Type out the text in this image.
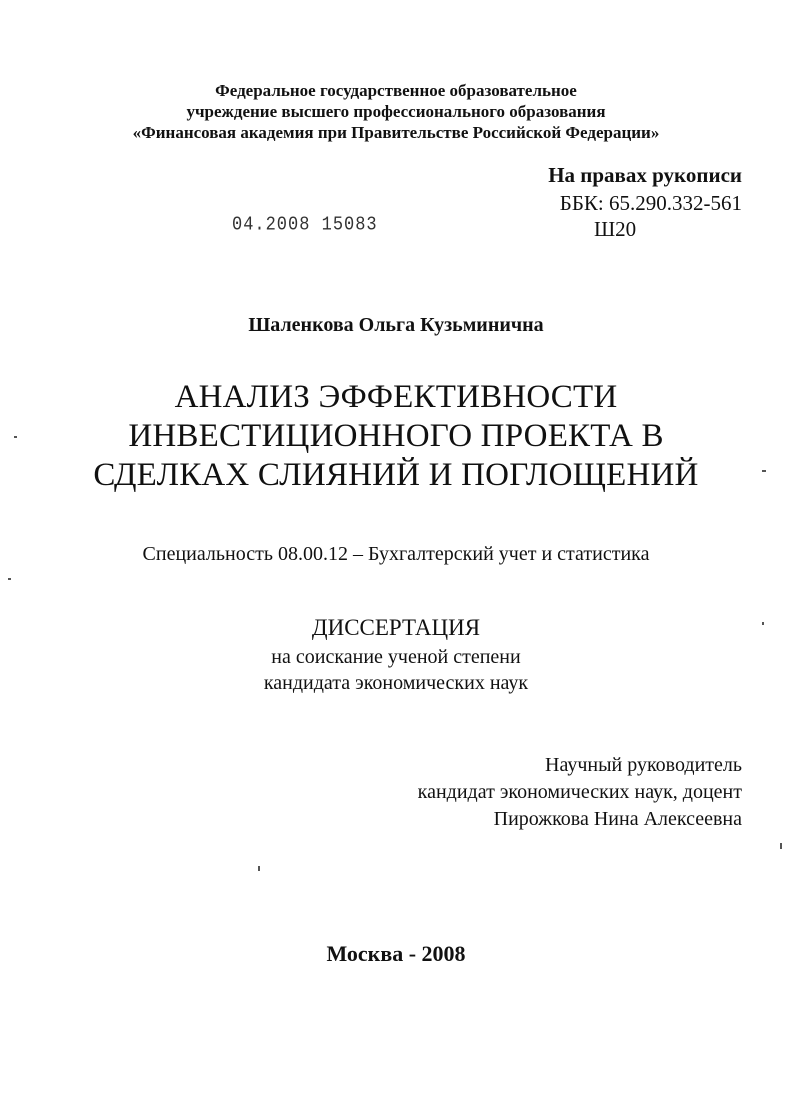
Федеральное государственное образовательное
учреждение высшего профессионального образования
«Финансовая академия при Правительстве Российской Федерации»
На правах рукописи
ББК: 65.290.332-561
Ш20
04.2008 15083
Шаленкова Ольга Кузьминична
АНАЛИЗ ЭФФЕКТИВНОСТИ
ИНВЕСТИЦИОННОГО ПРОЕКТА В
СДЕЛКАХ СЛИЯНИЙ И ПОГЛОЩЕНИЙ
Специальность 08.00.12 – Бухгалтерский учет и статистика
ДИССЕРТАЦИЯ
на соискание ученой степени
кандидата экономических наук
Научный руководитель
кандидат экономических наук, доцент
Пирожкова Нина Алексеевна
Москва - 2008
